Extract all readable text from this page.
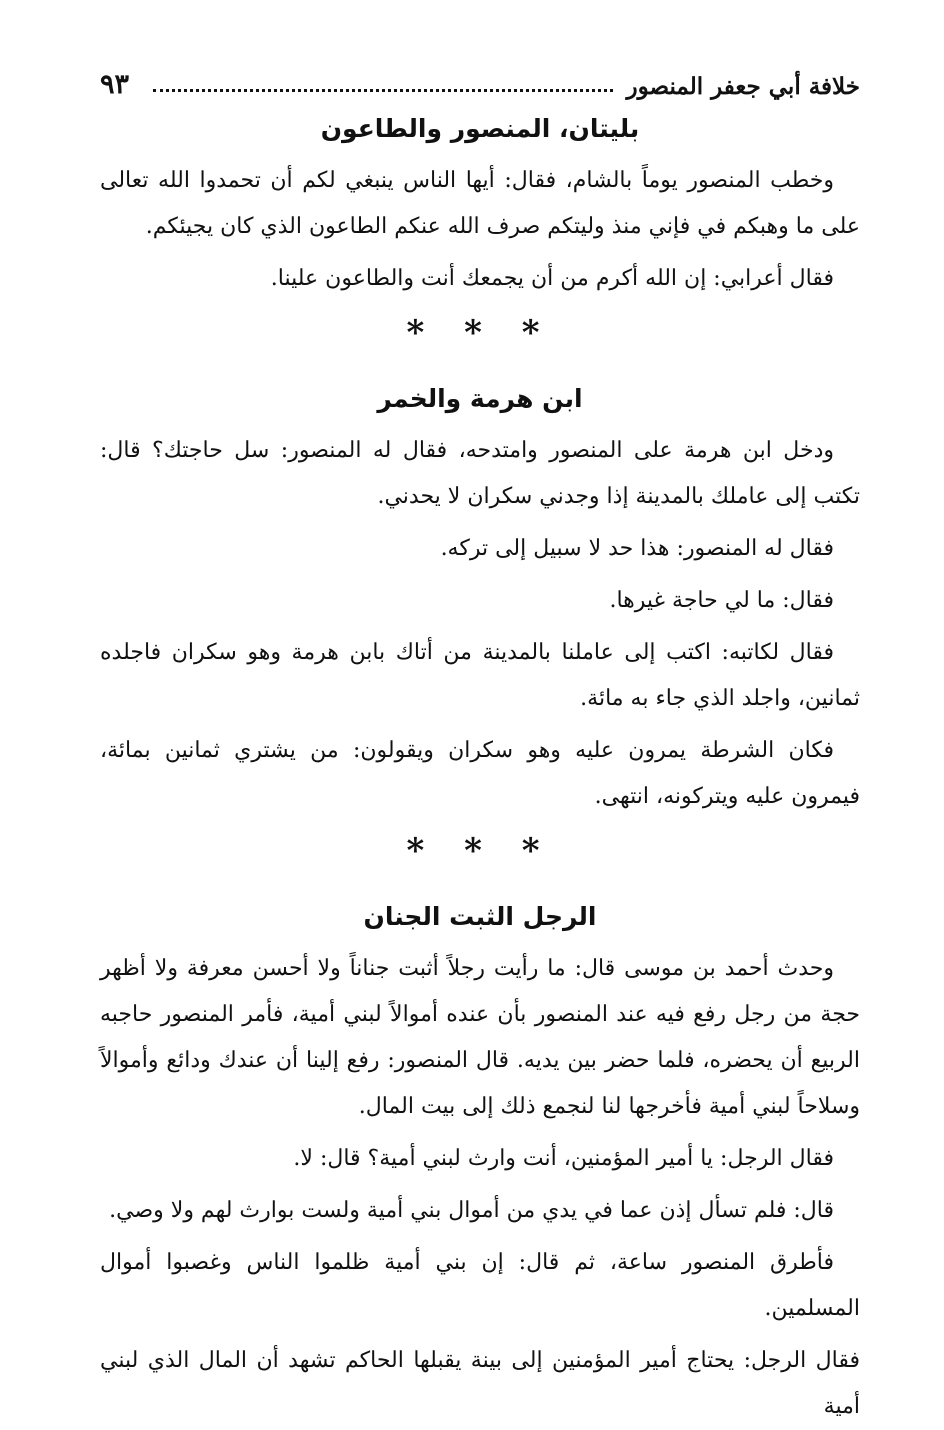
خلافة أبي جعفر المنصور
٩٣
بليتان، المنصور والطاعون

وخطب المنصور يوماً بالشام، فقال: أيها الناس ينبغي لكم أن تحمدوا الله تعالى على ما وهبكم في فإني منذ وليتكم صرف الله عنكم الطاعون الذي كان يجيئكم.

فقال أعرابي: إن الله أكرم من أن يجمعك أنت والطاعون علينا.

* * *
ابن هرمة والخمر

ودخل ابن هرمة على المنصور وامتدحه، فقال له المنصور: سل حاجتك؟ قال: تكتب إلى عاملك بالمدينة إذا وجدني سكران لا يحدني.

فقال له المنصور: هذا حد لا سبيل إلى تركه.

فقال: ما لي حاجة غيرها.

فقال لكاتبه: اكتب إلى عاملنا بالمدينة من أتاك بابن هرمة وهو سكران فاجلده ثمانين، واجلد الذي جاء به مائة.

فكان الشرطة يمرون عليه وهو سكران ويقولون: من يشتري ثمانين بمائة، فيمرون عليه ويتركونه، انتهى.

* * *
الرجل الثبت الجنان

وحدث أحمد بن موسى قال: ما رأيت رجلاً أثبت جناناً ولا أحسن معرفة ولا أظهر حجة من رجل رفع فيه عند المنصور بأن عنده أموالاً لبني أمية، فأمر المنصور حاجبه الربيع أن يحضره، فلما حضر بين يديه. قال المنصور: رفع إلينا أن عندك ودائع وأموالاً وسلاحاً لبني أمية فأخرجها لنا لنجمع ذلك إلى بيت المال.

فقال الرجل: يا أمير المؤمنين، أنت وارث لبني أمية؟ قال: لا.

قال: فلم تسأل إذن عما في يدي من أموال بني أمية ولست بوارث لهم ولا وصي.

فأطرق المنصور ساعة، ثم قال: إن بني أمية ظلموا الناس وغصبوا أموال المسلمين.

فقال الرجل: يحتاج أمير المؤمنين إلى بينة يقبلها الحاكم تشهد أن المال الذي لبني أمية
